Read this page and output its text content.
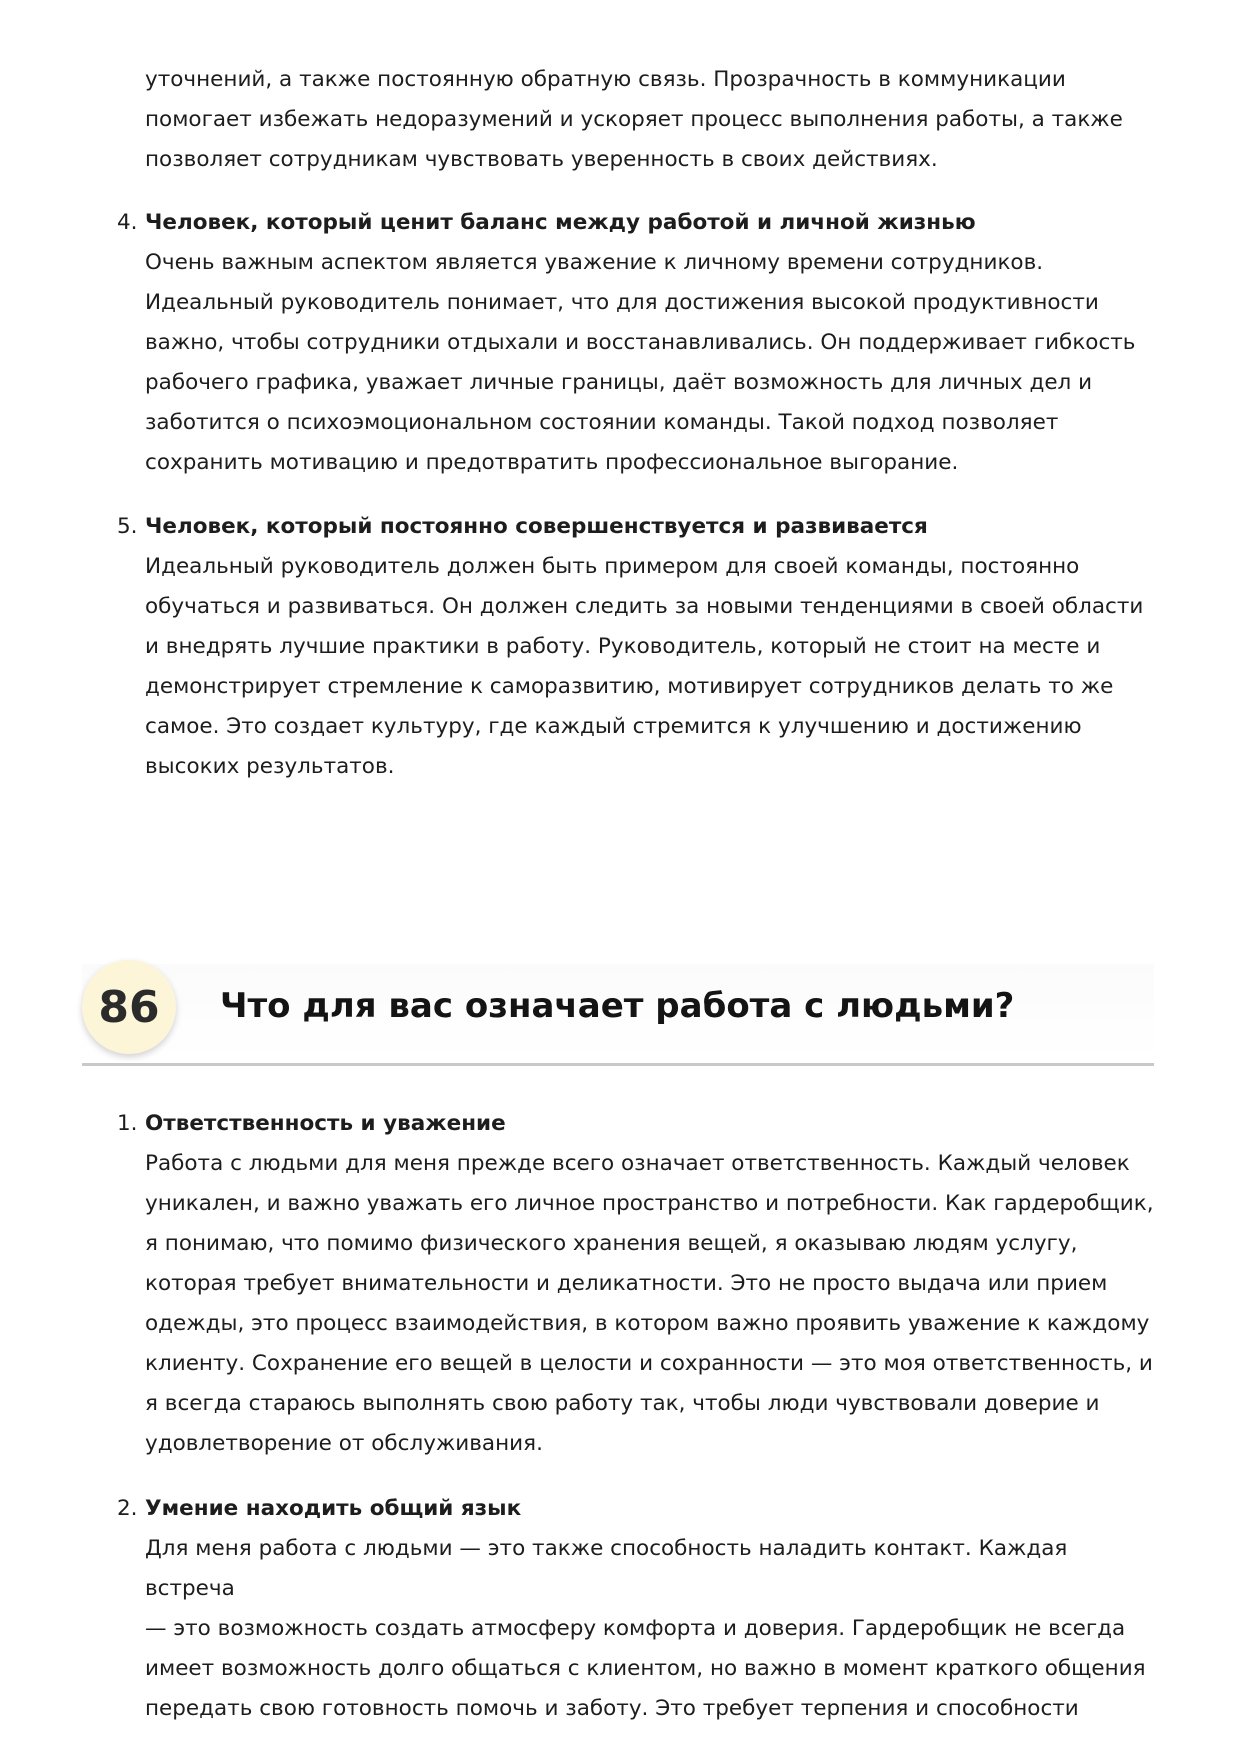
уточнений, а также постоянную обратную связь. Прозрачность в коммуникации
помогает избежать недоразумений и ускоряет процесс выполнения работы, а также
позволяет сотрудникам чувствовать уверенность в своих действиях.
4. Человек, который ценит баланс между работой и личной жизнью
Очень важным аспектом является уважение к личному времени сотрудников.
Идеальный руководитель понимает, что для достижения высокой продуктивности
важно, чтобы сотрудники отдыхали и восстанавливались. Он поддерживает гибкость
рабочего графика, уважает личные границы, даёт возможность для личных дел и
заботится о психоэмоциональном состоянии команды. Такой подход позволяет
сохранить мотивацию и предотвратить профессиональное выгорание.
5. Человек, который постоянно совершенствуется и развивается
Идеальный руководитель должен быть примером для своей команды, постоянно
обучаться и развиваться. Он должен следить за новыми тенденциями в своей области
и внедрять лучшие практики в работу. Руководитель, который не стоит на месте и
демонстрирует стремление к саморазвитию, мотивирует сотрудников делать то же
самое. Это создает культуру, где каждый стремится к улучшению и достижению
высоких результатов.
86	Что для вас означает работа с людьми?
1. Ответственность и уважение
Работа с людьми для меня прежде всего означает ответственность. Каждый человек
уникален, и важно уважать его личное пространство и потребности. Как гардеробщик,
я понимаю, что помимо физического хранения вещей, я оказываю людям услугу,
которая требует внимательности и деликатности. Это не просто выдача или прием
одежды, это процесс взаимодействия, в котором важно проявить уважение к каждому
клиенту. Сохранение его вещей в целости и сохранности — это моя ответственность, и
я всегда стараюсь выполнять свою работу так, чтобы люди чувствовали доверие и
удовлетворение от обслуживания.
2. Умение находить общий язык
Для меня работа с людьми — это также способность наладить контакт. Каждая встреча
— это возможность создать атмосферу комфорта и доверия. Гардеробщик не всегда
имеет возможность долго общаться с клиентом, но важно в момент краткого общения
передать свою готовность помочь и заботу. Это требует терпения и способности
